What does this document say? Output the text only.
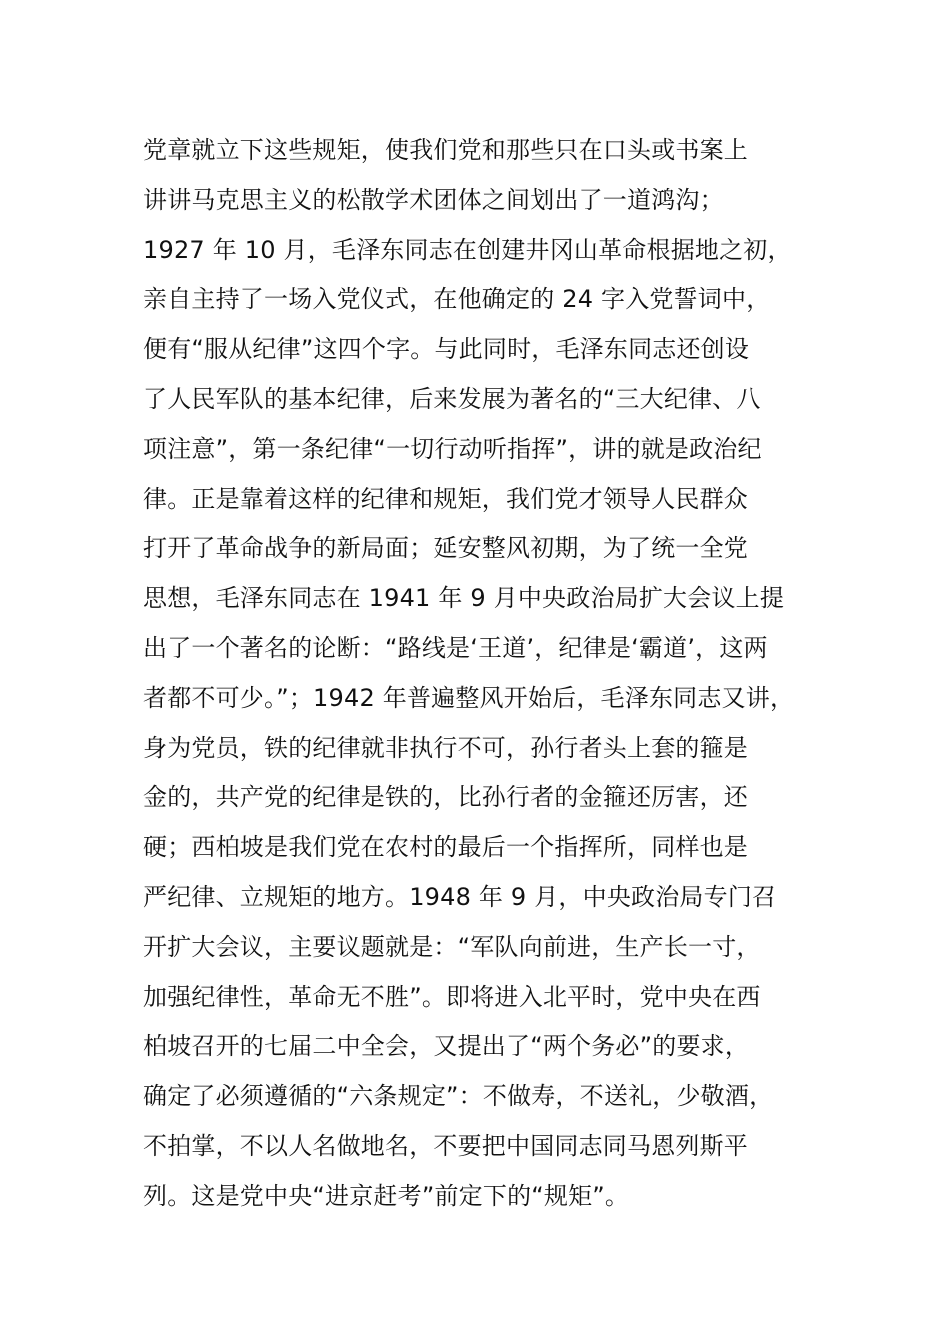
党章就立下这些规矩，使我们党和那些只在口头或书案上
讲讲马克思主义的松散学术团体之间划出了一道鸿沟；
1927 年 10 月，毛泽东同志在创建井冈山革命根据地之初，
亲自主持了一场入党仪式，在他确定的 24 字入党誓词中，
便有“服从纪律”这四个字。与此同时，毛泽东同志还创设
了人民军队的基本纪律，后来发展为著名的“三大纪律、八
项注意”，第一条纪律“一切行动听指挥”，讲的就是政治纪
律。正是靠着这样的纪律和规矩，我们党才领导人民群众
打开了革命战争的新局面；延安整风初期，为了统一全党
思想，毛泽东同志在 1941 年 9 月中央政治局扩大会议上提
出了一个著名的论断：“路线是‘王道’，纪律是‘霸道’，这两
者都不可少。”；1942 年普遍整风开始后，毛泽东同志又讲，
身为党员，铁的纪律就非执行不可，孙行者头上套的箍是
金的，共产党的纪律是铁的，比孙行者的金箍还厉害，还
硬；西柏坡是我们党在农村的最后一个指挥所，同样也是
严纪律、立规矩的地方。1948 年 9 月，中央政治局专门召
开扩大会议，主要议题就是：“军队向前进，生产长一寸，
加强纪律性，革命无不胜”。即将进入北平时，党中央在西
柏坡召开的七届二中全会，又提出了“两个务必”的要求，
确定了必须遵循的“六条规定”：不做寿，不送礼，少敬酒，
不拍掌，不以人名做地名，不要把中国同志同马恩列斯平
列。这是党中央“进京赶考”前定下的“规矩”。
